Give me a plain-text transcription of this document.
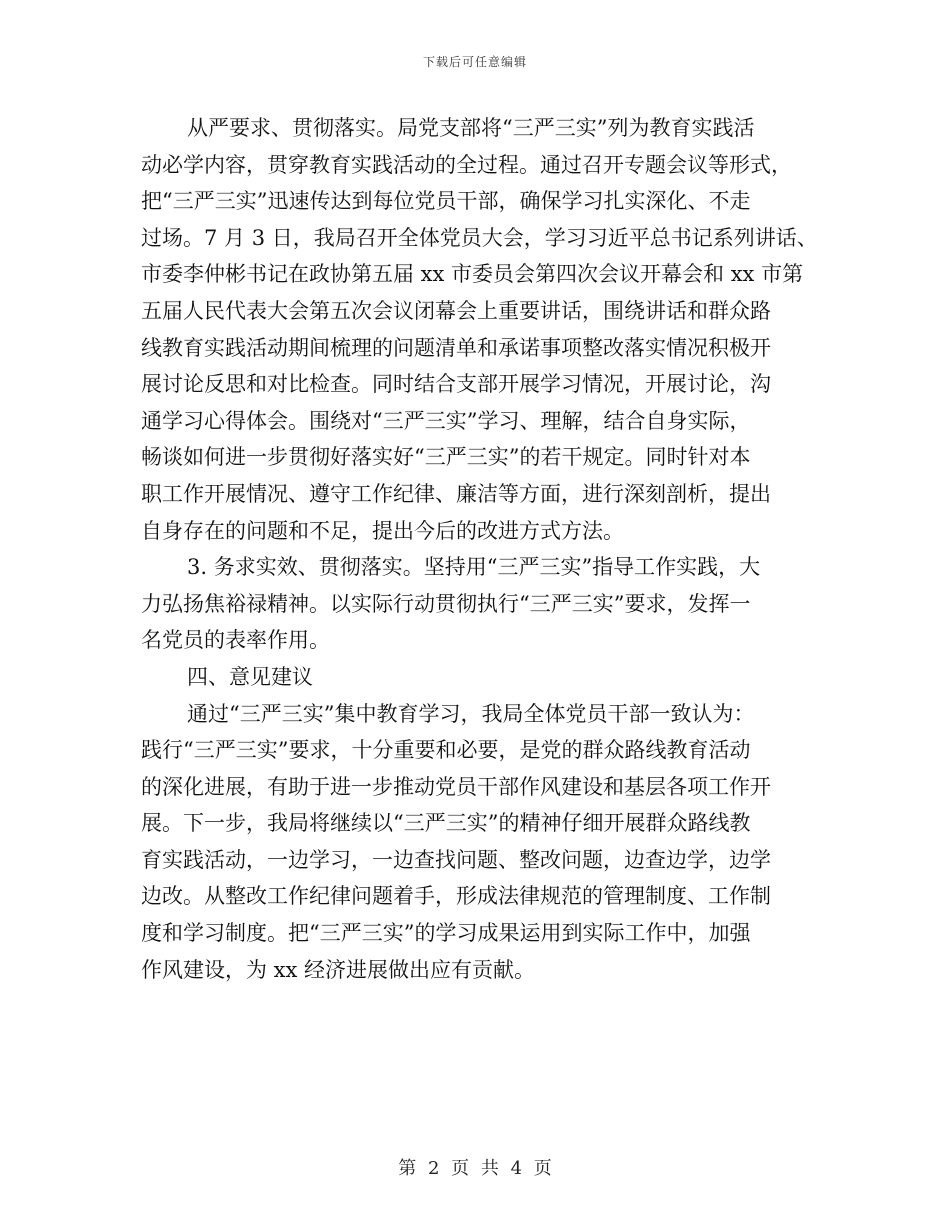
下载后可任意编辑
从严要求、贯彻落实。局党支部将“三严三实”列为教育实践活
动必学内容，贯穿教育实践活动的全过程。通过召开专题会议等形式，
把“三严三实”迅速传达到每位党员干部，确保学习扎实深化、不走
过场。7 月 3 日，我局召开全体党员大会，学习习近平总书记系列讲话、
市委李仲彬书记在政协第五届 xx 市委员会第四次会议开幕会和 xx 市第
五届人民代表大会第五次会议闭幕会上重要讲话，围绕讲话和群众路
线教育实践活动期间梳理的问题清单和承诺事项整改落实情况积极开
展讨论反思和对比检查。同时结合支部开展学习情况，开展讨论，沟
通学习心得体会。围绕对“三严三实”学习、理解，结合自身实际，
畅谈如何进一步贯彻好落实好“三严三实”的若干规定。同时针对本
职工作开展情况、遵守工作纪律、廉洁等方面，进行深刻剖析，提出
自身存在的问题和不足，提出今后的改进方式方法。
3. 务求实效、贯彻落实。坚持用“三严三实”指导工作实践，大
力弘扬焦裕禄精神。以实际行动贯彻执行“三严三实”要求，发挥一
名党员的表率作用。
四、意见建议
通过“三严三实”集中教育学习，我局全体党员干部一致认为：
践行“三严三实”要求，十分重要和必要，是党的群众路线教育活动
的深化进展，有助于进一步推动党员干部作风建设和基层各项工作开
展。下一步，我局将继续以“三严三实”的精神仔细开展群众路线教
育实践活动，一边学习，一边查找问题、整改问题，边查边学，边学
边改。从整改工作纪律问题着手，形成法律规范的管理制度、工作制
度和学习制度。把“三严三实”的学习成果运用到实际工作中，加强
作风建设，为 xx 经济进展做出应有贡献。
第 2 页 共 4 页
